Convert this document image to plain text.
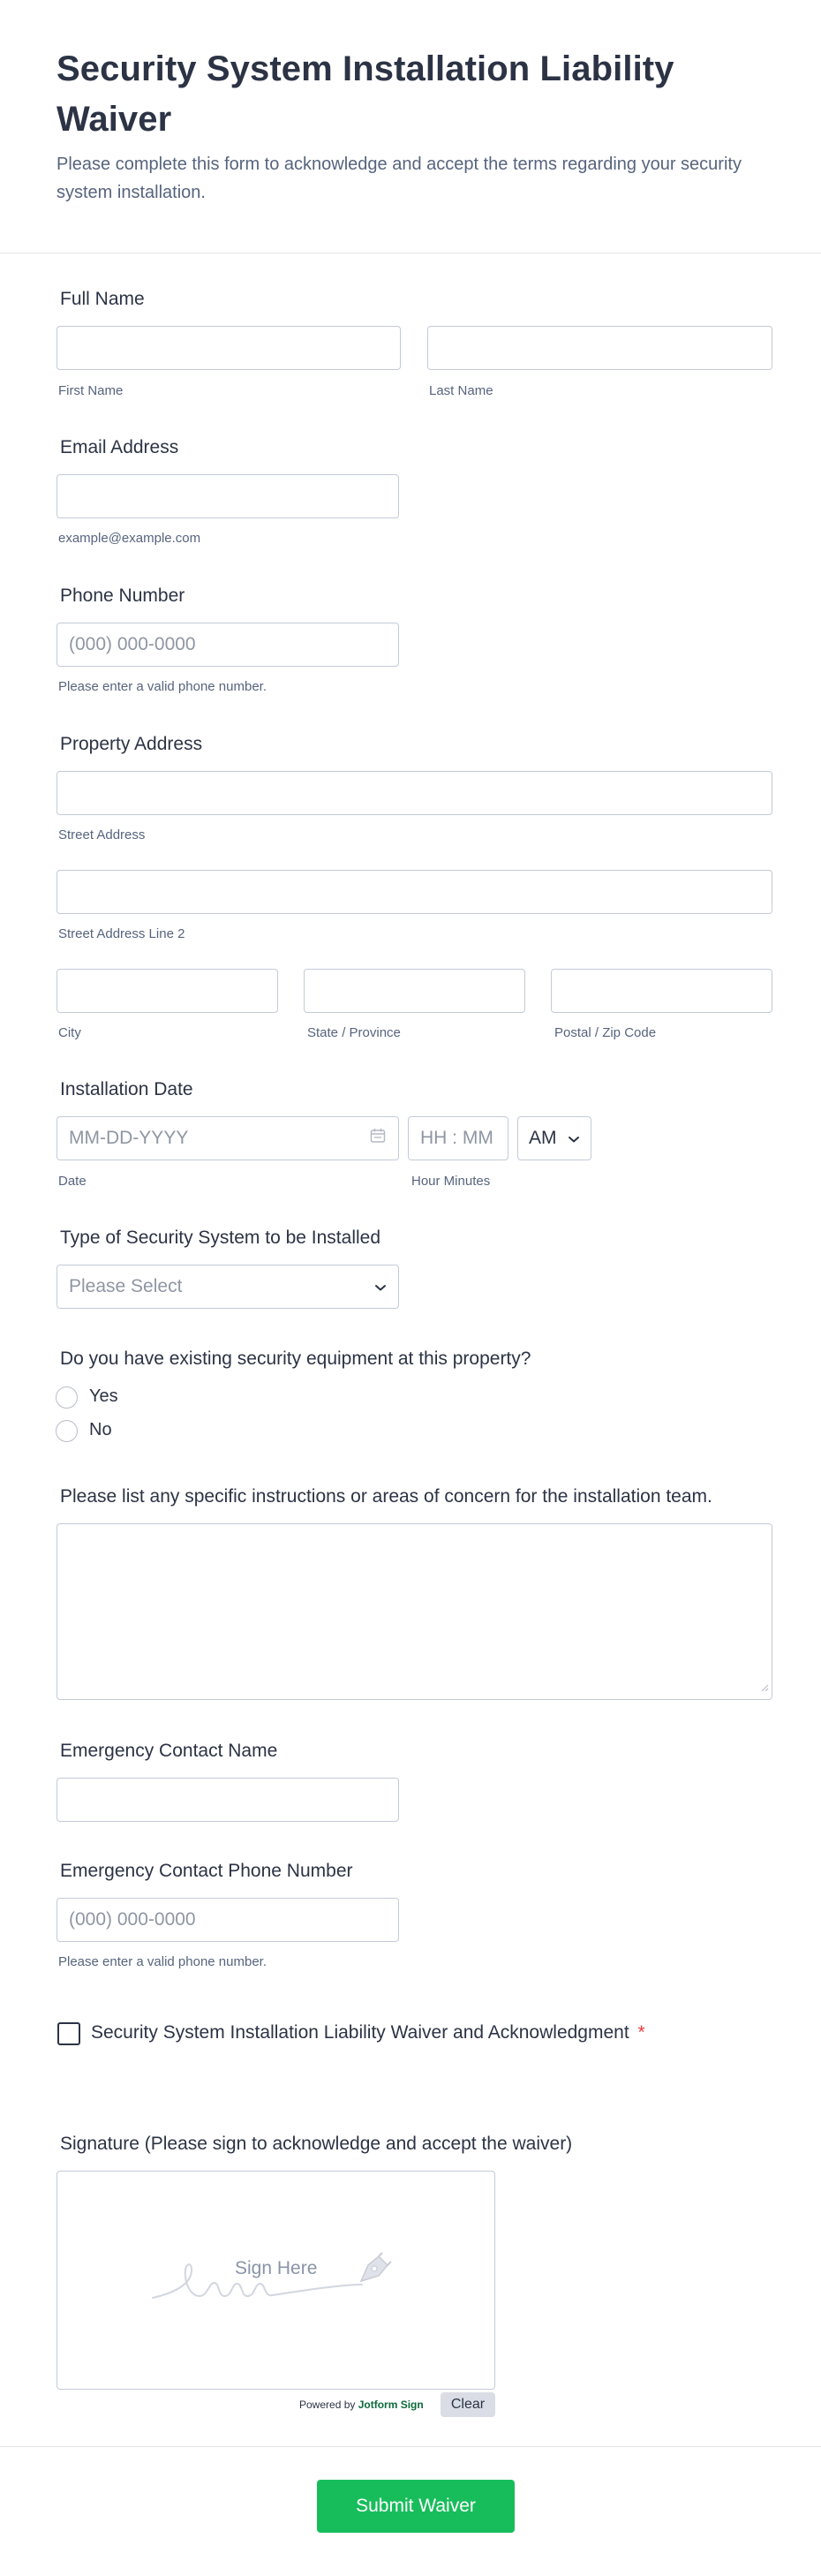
Security System Installation Liability Waiver

Please complete this form to acknowledge and accept the terms regarding your security system installation.

Full Name
First Name	Last Name
Email Address
example@example.com
Phone Number
(000) 000-0000
Please enter a valid phone number.
Property Address
Street Address
Street Address Line 2
City	State / Province	Postal / Zip Code
Installation Date
MM-DD-YYYY	HH : MM AM
Date	Hour Minutes
Type of Security System to be Installed
Please Select
Do you have existing security equipment at this property?
Yes
No
Please list any specific instructions or areas of concern for the installation team.
Emergency Contact Name
Emergency Contact Phone Number
(000) 000-0000
Please enter a valid phone number.
Security System Installation Liability Waiver and Acknowledgment *
Signature (Please sign to acknowledge and accept the waiver)
Sign Here
Powered by Jotform Sign	Clear
Submit Waiver
